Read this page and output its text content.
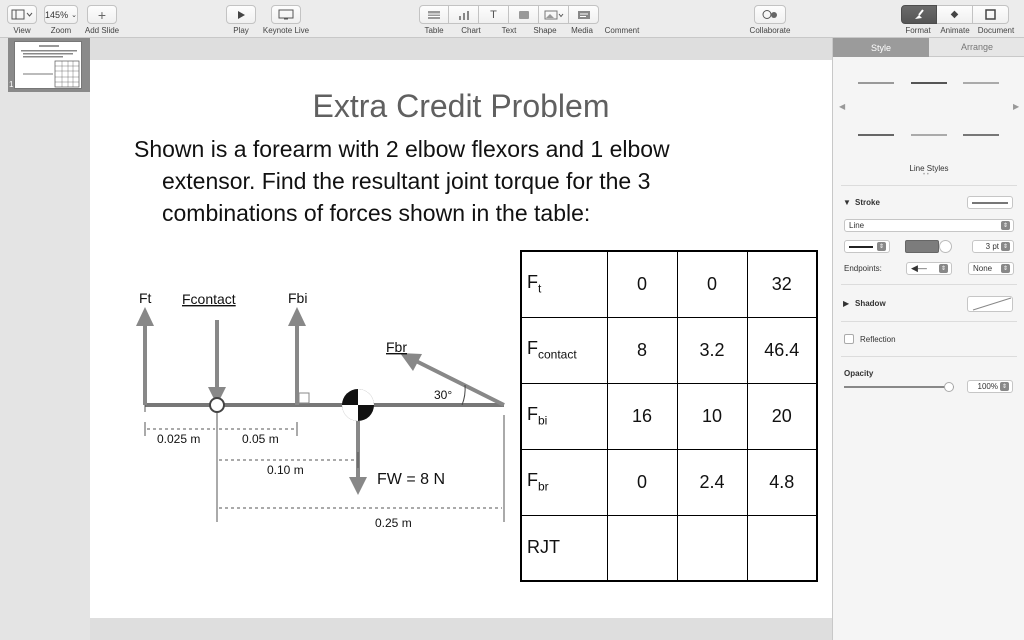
View
145% ⌄
Zoom
+
Add Slide	Play Keynote Live
T
Table Chart	Text Shape Media Comment	Collaborate
◆
Format Animate Document
1
Extra Credit Problem
Shown is a forearm with 2 elbow flexors and 1 elbow
extensor. Find the resultant joint torque for the 3
combinations of forces shown in the table:
Ft Fcontact	Fbi
Fbr
30°
0.025 m	0.05 m
0.10 m
0.25 m
FW = 8 N
$F_t$	0	0	32
$F_{contact}$	8	3.2	46.4
$F_{bi}$	16	10	20
$F_{br}$	0	2.4	4.8
RJT			
Style	Arrange
◀	▶
Line Styles
• •
▼ Stroke
Line	⇕
⇕	3 pt ⇕
Endpoints:	◀—	⇕	None	⇕
▶ Shadow
Reflection
Opacity
100% ⇕
